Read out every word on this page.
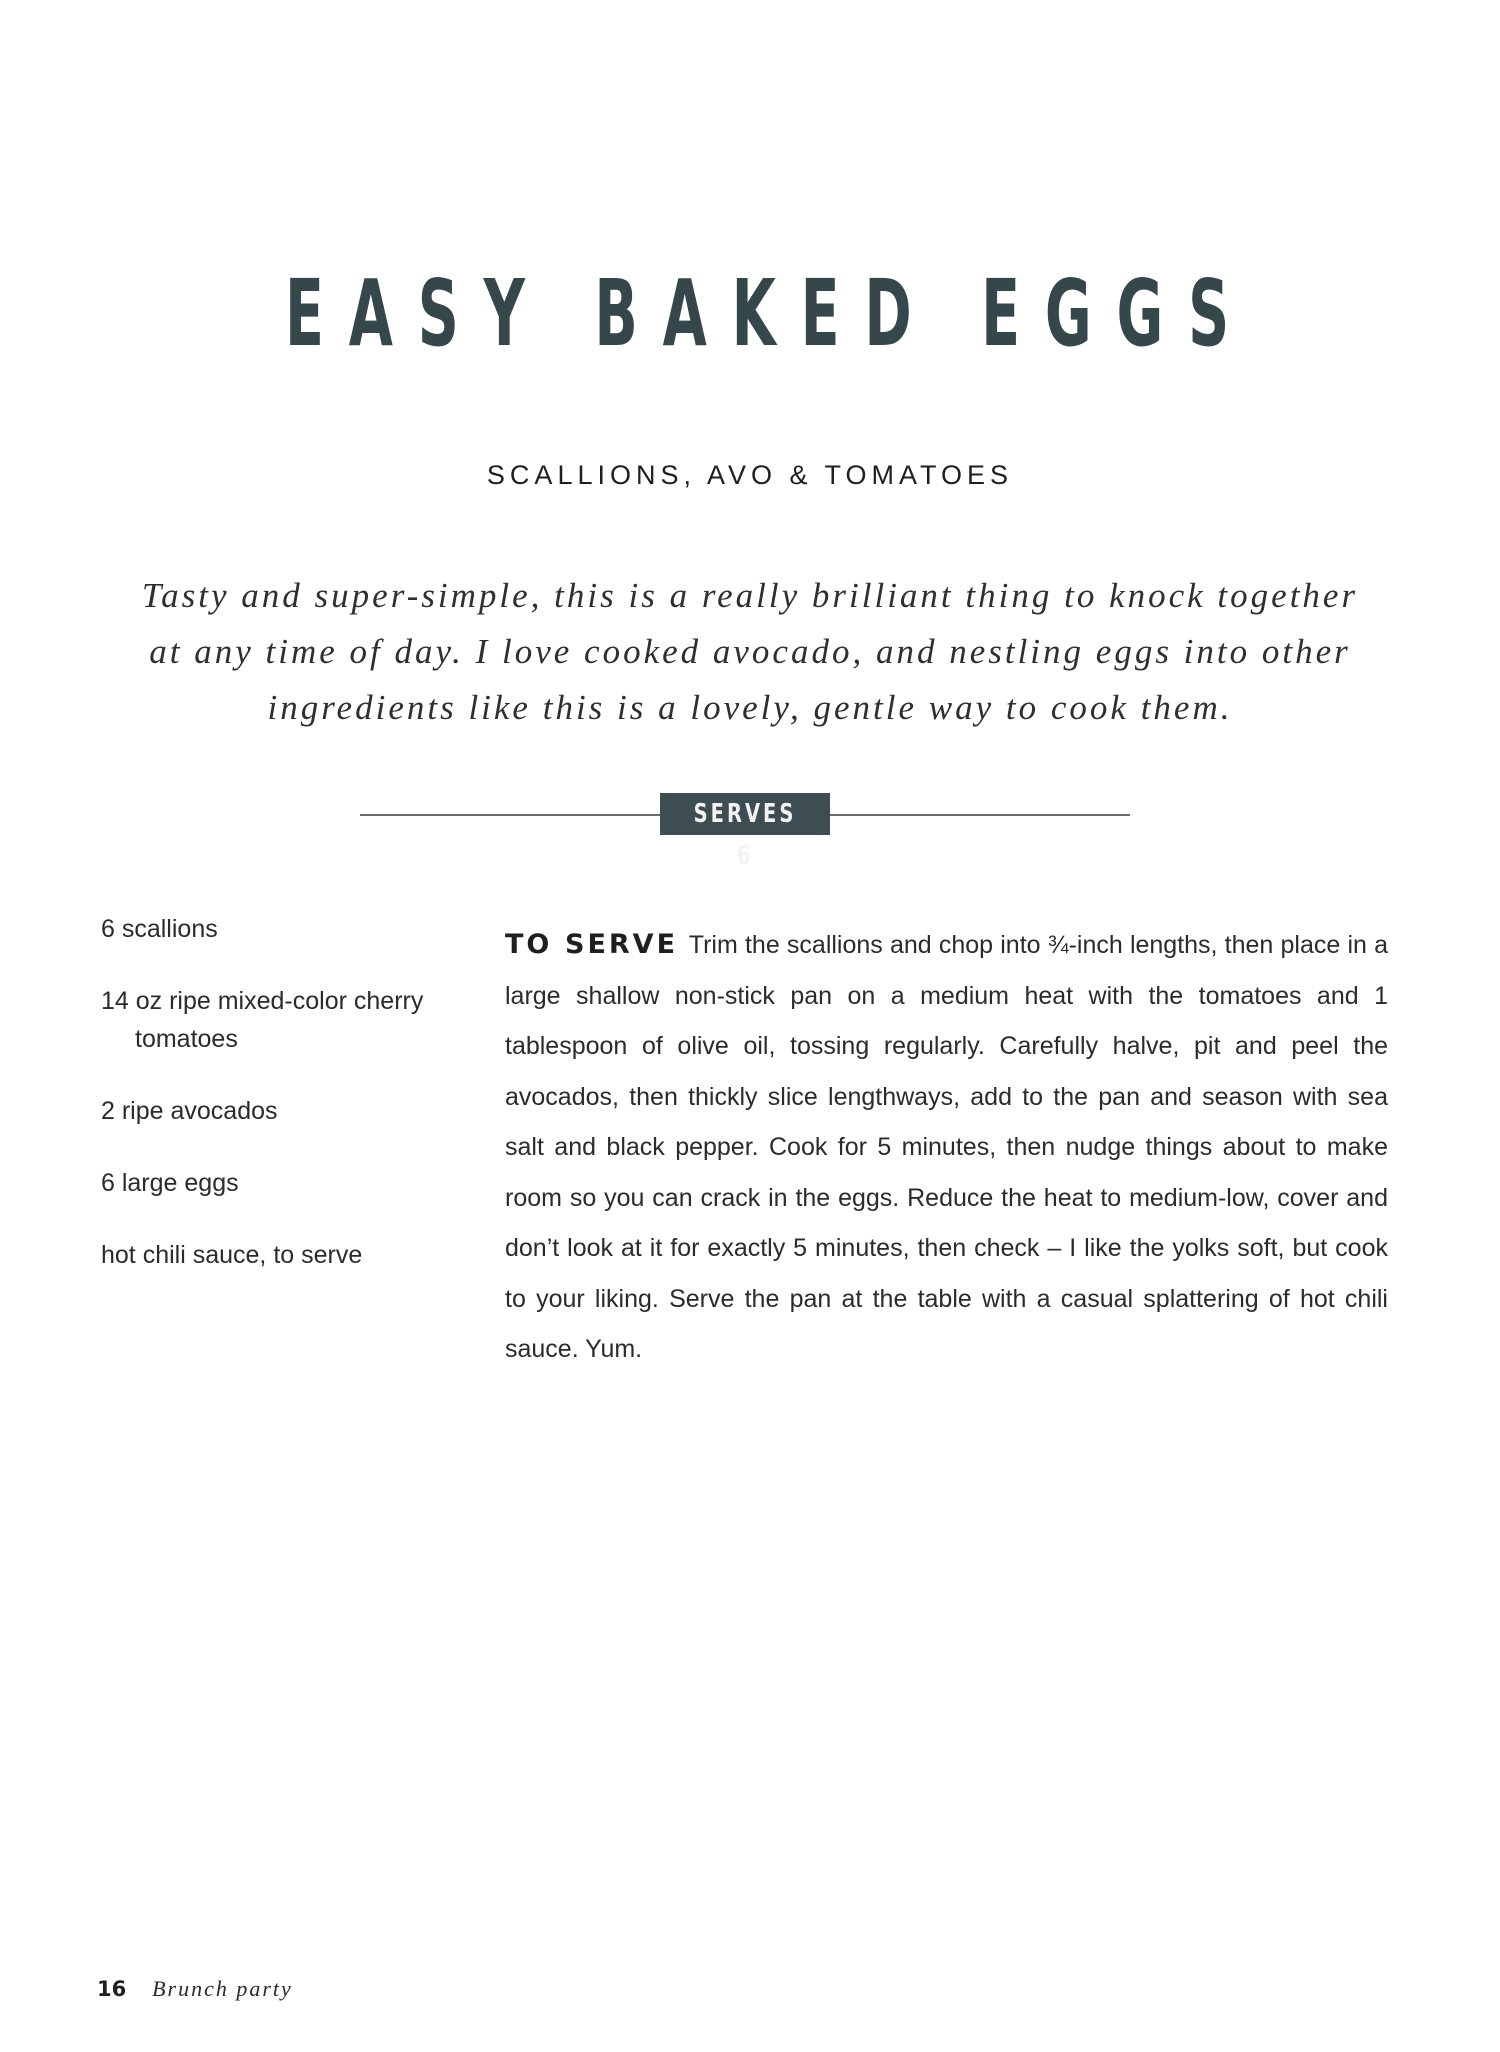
EASY BAKED EGGS
SCALLIONS, AVO & TOMATOES
Tasty and super-simple, this is a really brilliant thing to knock together at any time of day. I love cooked avocado, and nestling eggs into other ingredients like this is a lovely, gentle way to cook them.
SERVES 6
6 scallions
14 oz ripe mixed-color cherry tomatoes
2 ripe avocados
6 large eggs
hot chili sauce, to serve
TO SERVE Trim the scallions and chop into ¾-inch lengths, then place in a large shallow non-stick pan on a medium heat with the tomatoes and 1 tablespoon of olive oil, tossing regularly. Carefully halve, pit and peel the avocados, then thickly slice lengthways, add to the pan and season with sea salt and black pepper. Cook for 5 minutes, then nudge things about to make room so you can crack in the eggs. Reduce the heat to medium-low, cover and don’t look at it for exactly 5 minutes, then check – I like the yolks soft, but cook to your liking. Serve the pan at the table with a casual splattering of hot chili sauce. Yum.
16 Brunch party
